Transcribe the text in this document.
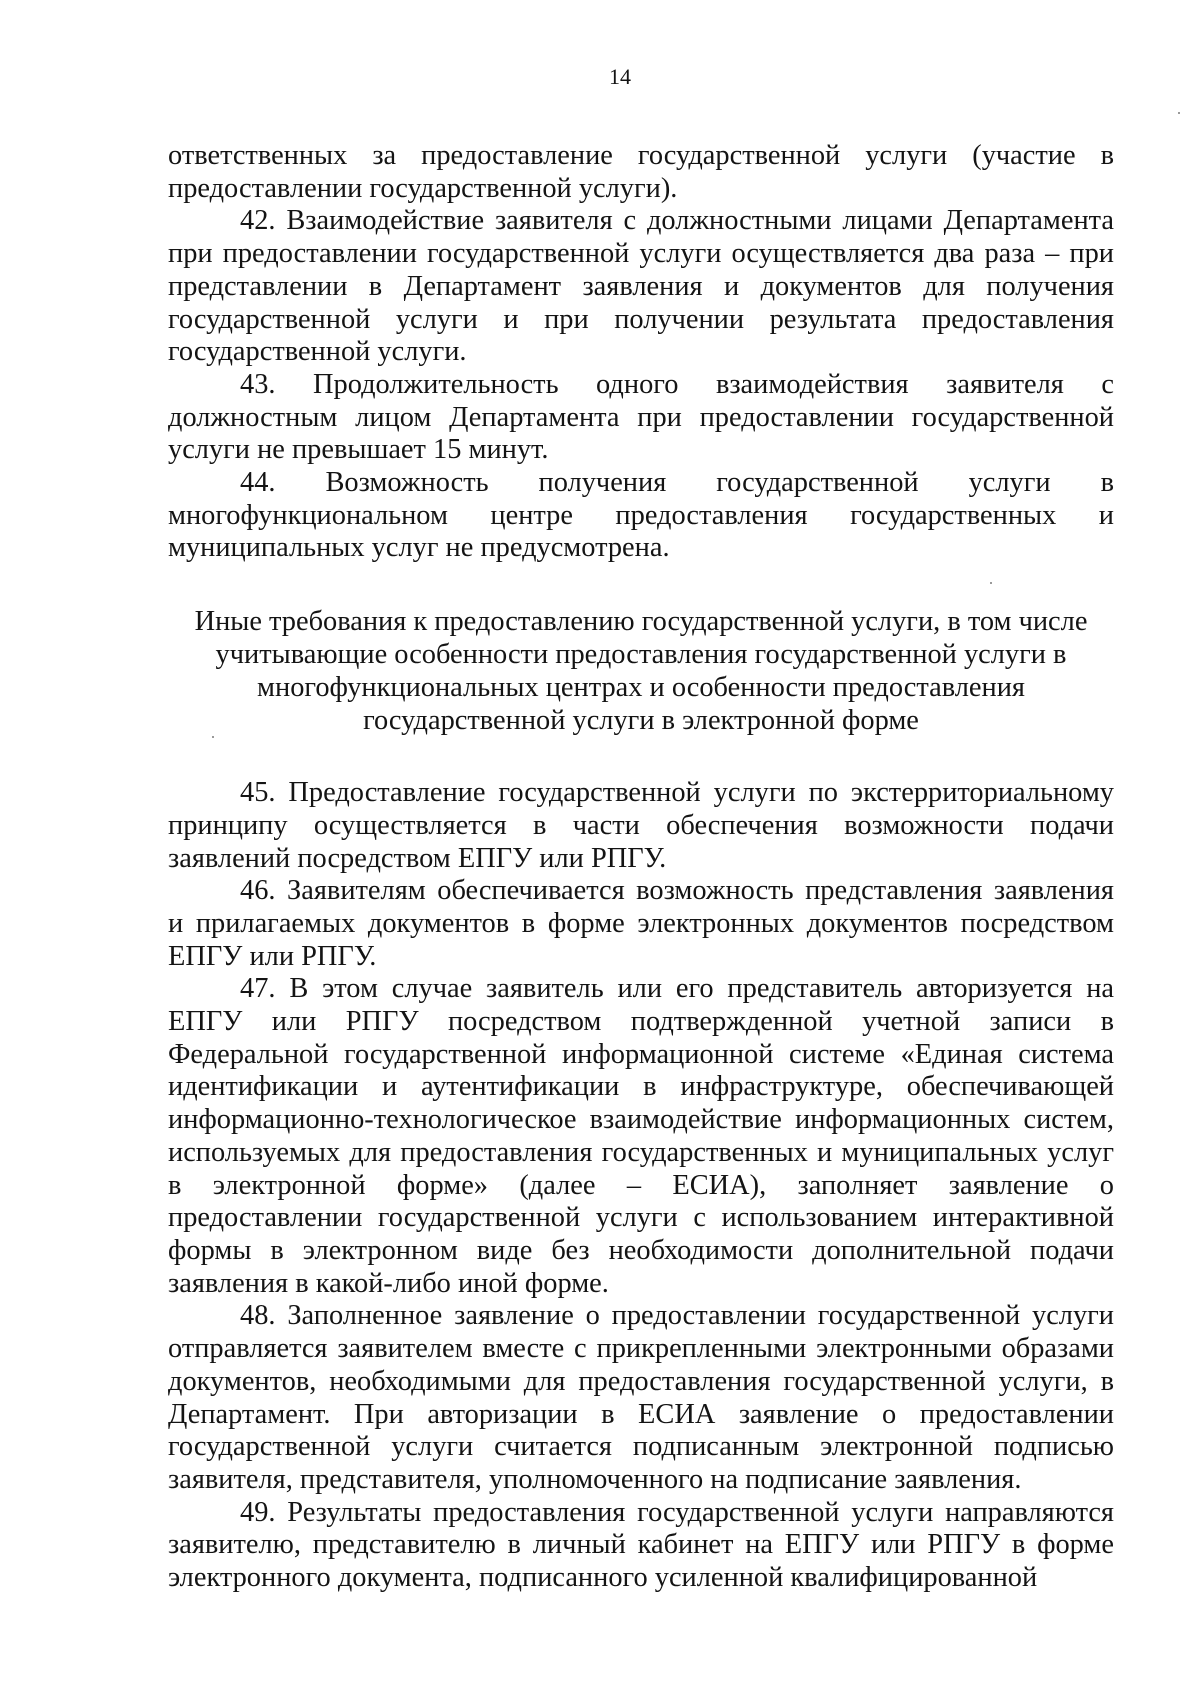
14

ответственных за предоставление государственной услуги (участие в предоставлении государственной услуги).

42. Взаимодействие заявителя с должностными лицами Департамента при предоставлении государственной услуги осуществляется два раза – при представлении в Департамент заявления и документов для получения государственной услуги и при получении результата предоставления государственной услуги.

43. Продолжительность одного взаимодействия заявителя с должностным лицом Департамента при предоставлении государственной услуги не превышает 15 минут.

44. Возможность получения государственной услуги в многофункциональном центре предоставления государственных и муниципальных услуг не предусмотрена.

Иные требования к предоставлению государственной услуги, в том числе учитывающие особенности предоставления государственной услуги в многофункциональных центрах и особенности предоставления государственной услуги в электронной форме

45. Предоставление государственной услуги по экстерриториальному принципу осуществляется в части обеспечения возможности подачи заявлений посредством ЕПГУ или РПГУ.

46. Заявителям обеспечивается возможность представления заявления и прилагаемых документов в форме электронных документов посредством ЕПГУ или РПГУ.

47. В этом случае заявитель или его представитель авторизуется на ЕПГУ или РПГУ посредством подтвержденной учетной записи в Федеральной государственной информационной системе «Единая система идентификации и аутентификации в инфраструктуре, обеспечивающей информационно-технологическое взаимодействие информационных систем, используемых для предоставления государственных и муниципальных услуг в электронной форме» (далее – ЕСИА), заполняет заявление о предоставлении государственной услуги с использованием интерактивной формы в электронном виде без необходимости дополнительной подачи заявления в какой-либо иной форме.

48. Заполненное заявление о предоставлении государственной услуги отправляется заявителем вместе с прикрепленными электронными образами документов, необходимыми для предоставления государственной услуги, в Департамент. При авторизации в ЕСИА заявление о предоставлении государственной услуги считается подписанным электронной подписью заявителя, представителя, уполномоченного на подписание заявления.

49. Результаты предоставления государственной услуги направляются заявителю, представителю в личный кабинет на ЕПГУ или РПГУ в форме электронного документа, подписанного усиленной квалифицированной
